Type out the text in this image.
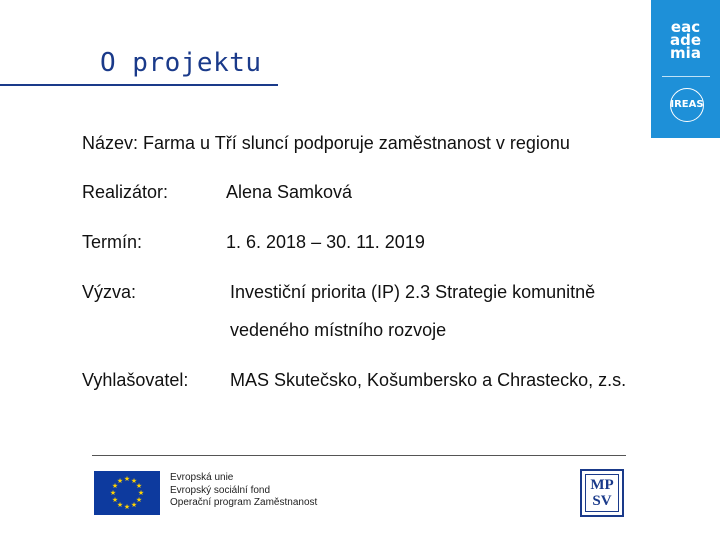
O projektu
eac
ade
mia
IREAS
Název: Farma u Tří sluncí podporuje zaměstnanost v regionu
Realizátor:	Alena Samková
Termín:	1. 6. 2018 – 30. 11. 2019
Výzva:	Investiční priorita (IP) 2.3 Strategie komunitně
vedeného místního rozvoje
Vyhlašovatel: MAS Skutečsko, Košumbersko a Chrastecko, z.s.
★ ★
★
★
★
★
★
★
★
★
★
★	Evropská unie
Evropský sociální fond
Operační program Zaměstnanost
MP
SV
